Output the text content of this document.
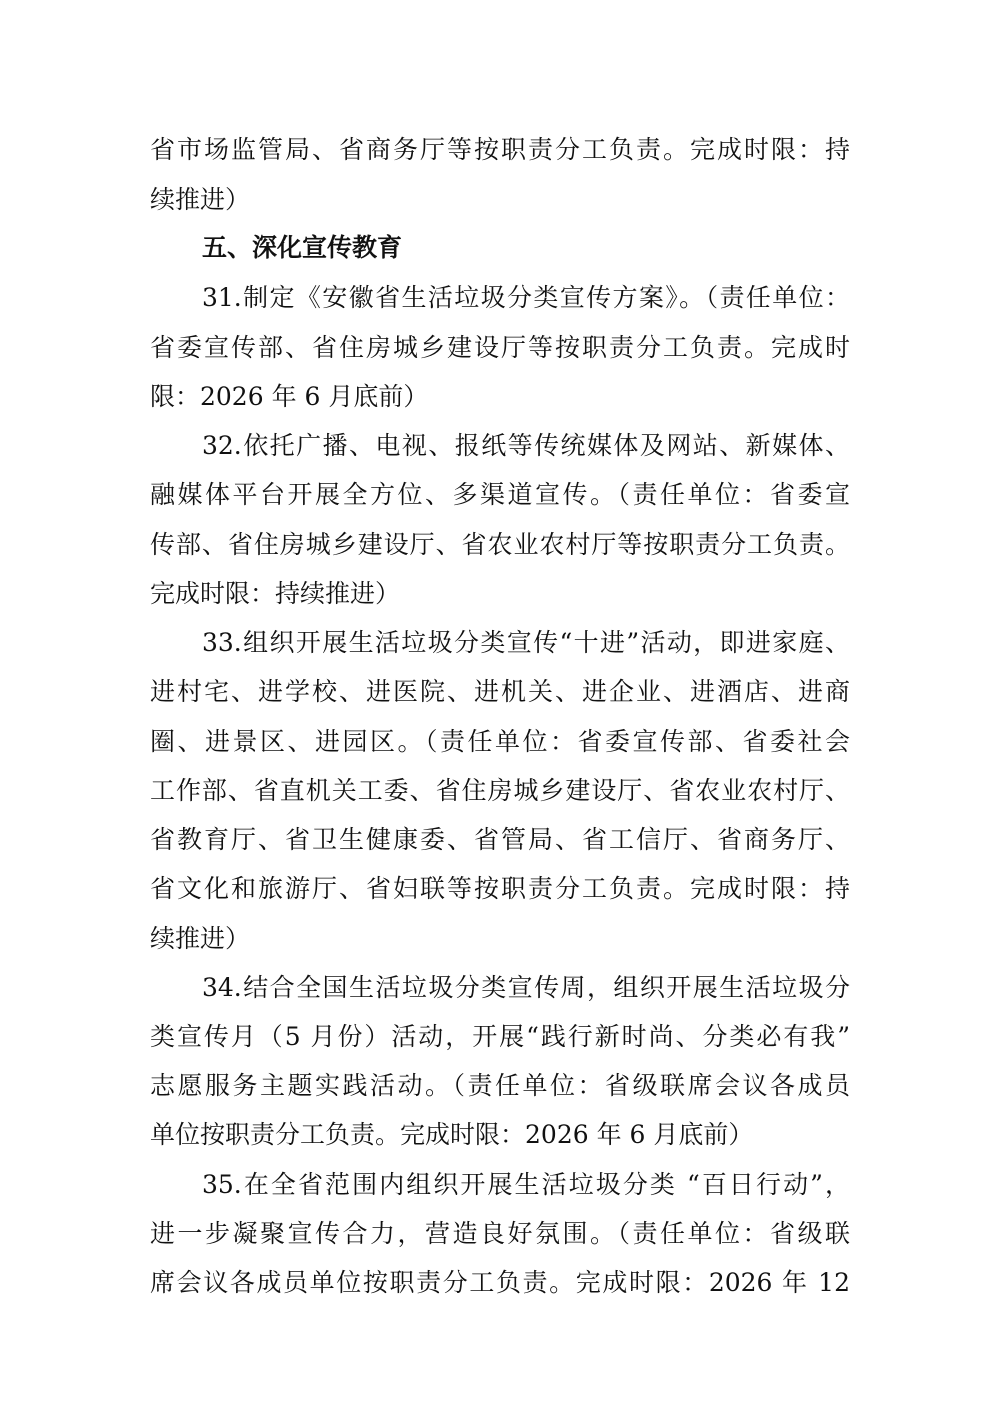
省市场监管局、省商务厅等按职责分工负责。完成时限：持
续推进）
五、深化宣传教育
31.制定《安徽省生活垃圾分类宣传方案》。（责任单位：
省委宣传部、省住房城乡建设厅等按职责分工负责。完成时
限：2026 年 6 月底前）
32.依托广播、电视、报纸等传统媒体及网站、新媒体、
融媒体平台开展全方位、多渠道宣传。（责任单位：省委宣
传部、省住房城乡建设厅、省农业农村厅等按职责分工负责。
完成时限：持续推进）
33.组织开展生活垃圾分类宣传“十进”活动，即进家庭、
进村宅、进学校、进医院、进机关、进企业、进酒店、进商
圈、进景区、进园区。（责任单位：省委宣传部、省委社会
工作部、省直机关工委、省住房城乡建设厅、省农业农村厅、
省教育厅、省卫生健康委、省管局、省工信厅、省商务厅、
省文化和旅游厅、省妇联等按职责分工负责。完成时限：持
续推进）
34.结合全国生活垃圾分类宣传周，组织开展生活垃圾分
类宣传月（5 月份）活动，开展“践行新时尚、分类必有我”
志愿服务主题实践活动。（责任单位：省级联席会议各成员
单位按职责分工负责。完成时限：2026 年 6 月底前）
35.在全省范围内组织开展生活垃圾分类 “百日行动”，
进一步凝聚宣传合力，营造良好氛围。（责任单位：省级联
席会议各成员单位按职责分工负责。完成时限：2026 年 12
